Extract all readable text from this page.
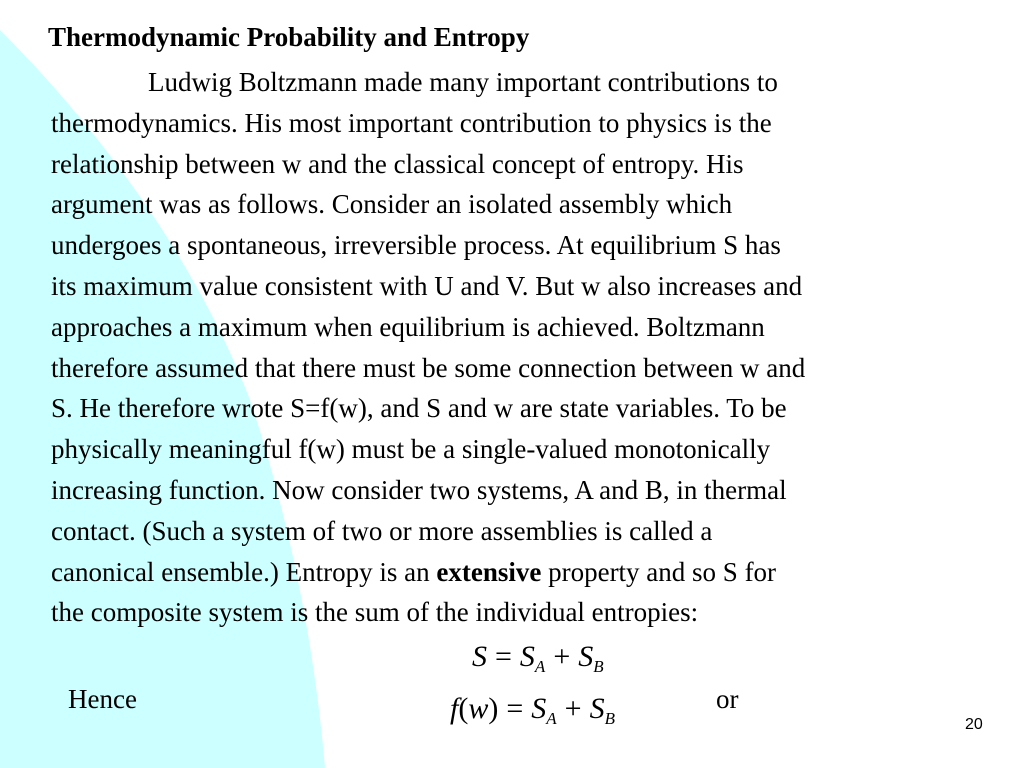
Thermodynamic Probability and Entropy

Ludwig Boltzmann made many important contributions to
thermodynamics. His most important contribution to physics is the
relationship between w and the classical concept of entropy. His
argument was as follows. Consider an isolated assembly which
undergoes a spontaneous, irreversible process. At equilibrium S has
its maximum value consistent with U and V. But w also increases and
approaches a maximum when equilibrium is achieved. Boltzmann
therefore assumed that there must be some connection between w and
S. He therefore wrote S=f(w), and S and w are state variables. To be
physically meaningful f(w) must be a single-valued monotonically
increasing function. Now consider two systems, A and B, in thermal
contact. (Such a system of two or more assemblies is called a
canonical ensemble.) Entropy is an extensive property and so S for
the composite system is the sum of the individual entropies:

$S = S_A + S_B$
Hence	$f(w) = S_A + S_B$
or
20
